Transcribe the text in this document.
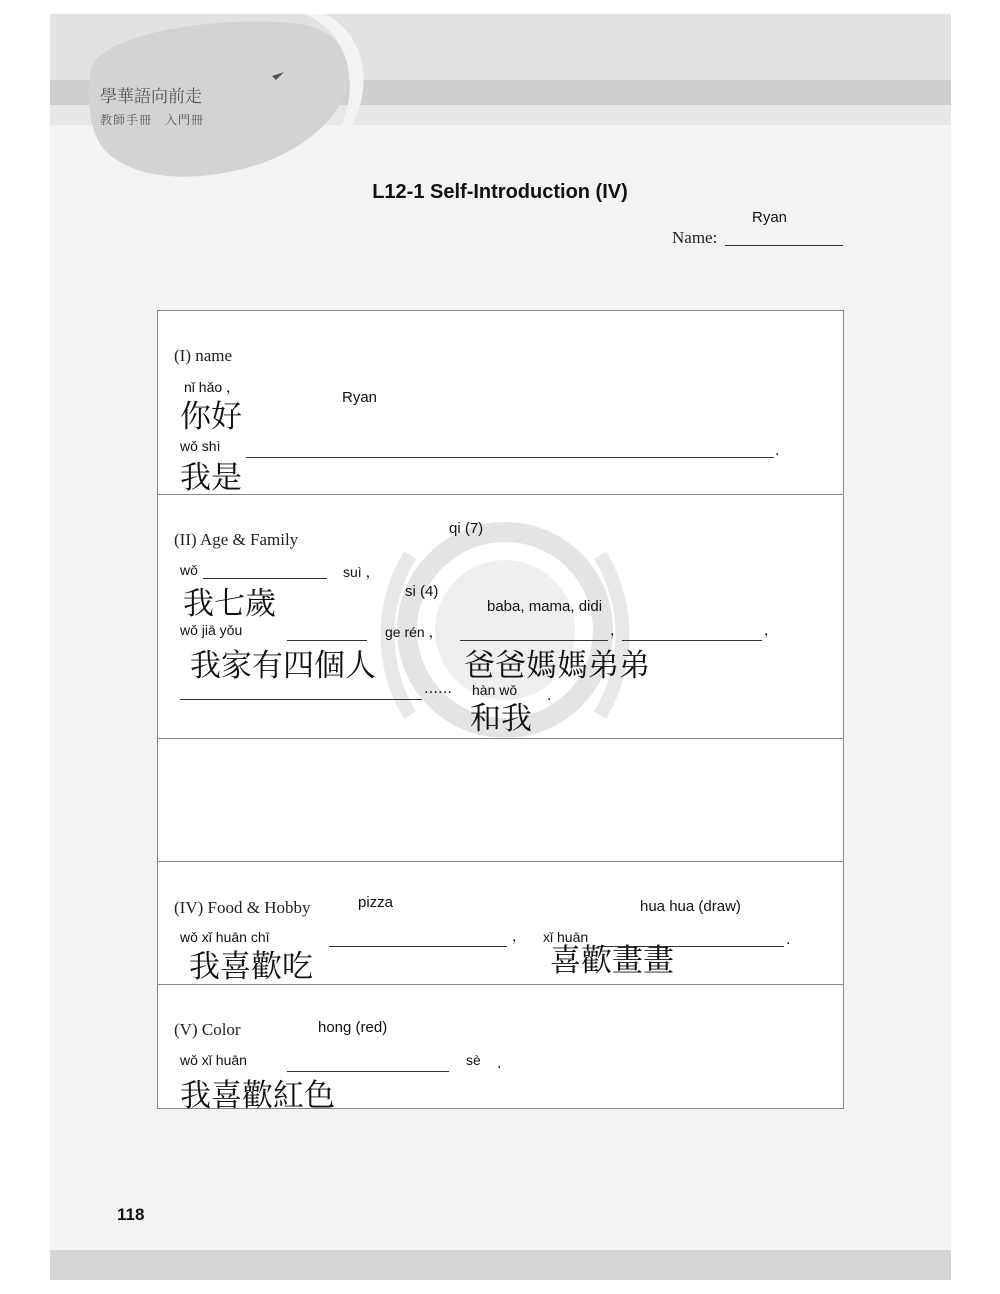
學華語向前走
教師手冊　入門冊
L12-1 Self-Introduction (IV)
Ryan
Name:
(I) name
nǐ hǎo ，
你好
Ryan
wǒ shì
我是
.
(II) Age & Family
qi (7)
wǒ	suì ，
我七歲	si (4)
baba, mama, didi
wǒ jiā yǒu	ge rén ，	，	，
我家有四個人	爸爸媽媽弟弟
…… hàn wǒ
和我
.
(IV) Food & Hobby	pizza	hua hua (draw)
wǒ xǐ huān chī	， xǐ huān	.
我喜歡吃	喜歡畫畫
(V) Color	hong (red)
wǒ xǐ huān	sè .
我喜歡紅色
118
